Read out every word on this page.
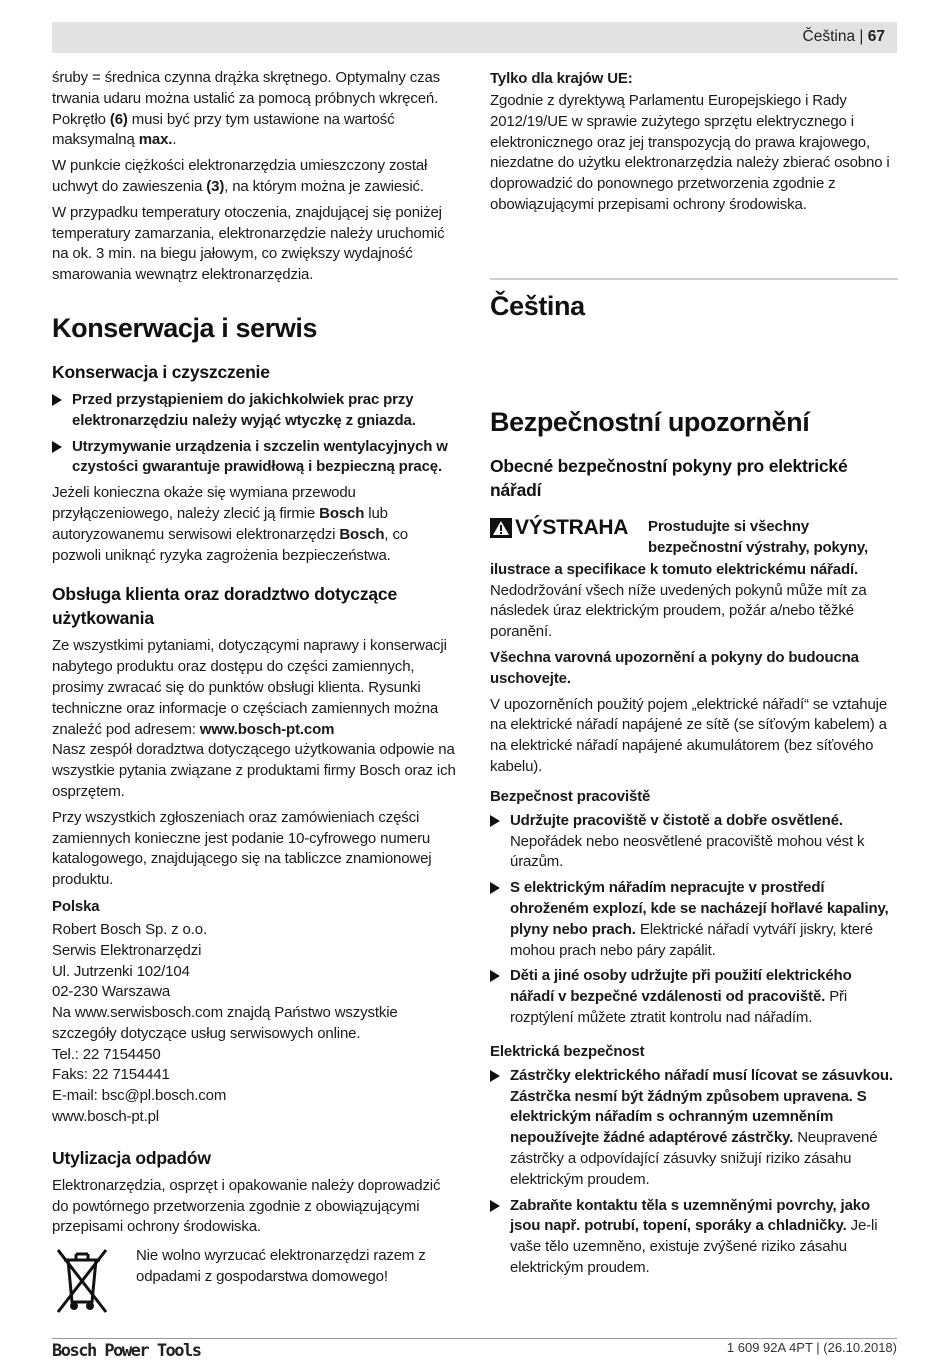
Čeština | 67

śruby = średnica czynna drążka skrętnego. Optymalny czas trwania udaru można ustalić za pomocą próbnych wkręceń. Pokrętło (6) musi być przy tym ustawione na wartość maksymalną max..

W punkcie ciężkości elektronarzędzia umieszczony został uchwyt do zawieszenia (3), na którym można je zawiesić.

W przypadku temperatury otoczenia, znajdującej się poniżej temperatury zamarzania, elektronarzędzie należy uruchomić na ok. 3 min. na biegu jałowym, co zwiększy wydajność smarowania wewnątrz elektronarzędzia.

Konserwacja i serwis
Konserwacja i czyszczenie
Przed przystąpieniem do jakichkolwiek prac przy elektronarzędziu należy wyjąć wtyczkę z gniazda.
Utrzymywanie urządzenia i szczelin wentylacyjnych w czystości gwarantuje prawidłową i bezpieczną pracę.

Jeżeli konieczna okaże się wymiana przewodu przyłączeniowego, należy zlecić ją firmie Bosch lub autoryzowanemu serwisowi elektronarzędzi Bosch, co pozwoli uniknąć ryzyka zagrożenia bezpieczeństwa.

Obsługa klienta oraz doradztwo dotyczące użytkowania

Ze wszystkimi pytaniami, dotyczącymi naprawy i konserwacji nabytego produktu oraz dostępu do części zamiennych, prosimy zwracać się do punktów obsługi klienta. Rysunki techniczne oraz informacje o częściach zamiennych można znaleźć pod adresem: www.bosch-pt.com

Nasz zespół doradztwa dotyczącego użytkowania odpowie na wszystkie pytania związane z produktami firmy Bosch oraz ich osprzętem.

Przy wszystkich zgłoszeniach oraz zamówieniach części zamiennych konieczne jest podanie 10-cyfrowego numeru katalogowego, znajdującego się na tabliczce znamionowej produktu.

Polska
Robert Bosch Sp. z o.o.
Serwis Elektronarzędzi
Ul. Jutrzenki 102/104
02-230 Warszawa
Na www.serwisbosch.com znajdą Państwo wszystkie szczegóły dotyczące usług serwisowych online.
Tel.: 22 7154450
Faks: 22 7154441
E-mail: bsc@pl.bosch.com
www.bosch-pt.pl
Utylizacja odpadów

Elektronarzędzia, osprzęt i opakowanie należy doprowadzić do powtórnego przetworzenia zgodnie z obowiązującymi przepisami ochrony środowiska.

Nie wolno wyrzucać elektronarzędzi razem z odpadami z gospodarstwa domowego!
Tylko dla krajów UE:

Zgodnie z dyrektywą Parlamentu Europejskiego i Rady 2012/19/UE w sprawie zużytego sprzętu elektrycznego i elektronicznego oraz jej transpozycją do prawa krajowego, niezdatne do użytku elektronarzędzia należy zbierać osobno i doprowadzić do ponownego przetworzenia zgodnie z obowiązującymi przepisami ochrony środowiska.

Čeština
Bezpečnostní upozornění
Obecné bezpečnostní pokyny pro elektrické nářadí
VÝSTRAHA Prostudujte si všechny bezpečnostní výstrahy, pokyny,

ilustrace a specifikace k tomuto elektrickému nářadí.

Nedodržování všech níže uvedených pokynů může mít za následek úraz elektrickým proudem, požár a/nebo těžké poranění.

Všechna varovná upozornění a pokyny do budoucna uschovejte.

V upozorněních použitý pojem „elektrické nářadí“ se vztahuje na elektrické nářadí napájené ze sítě (se síťovým kabelem) a na elektrické nářadí napájené akumulátorem (bez síťového kabelu).

Bezpečnost pracoviště
Udržujte pracoviště v čistotě a dobře osvětlené. Nepořádek nebo neosvětlené pracoviště mohou vést k úrazům.
S elektrickým nářadím nepracujte v prostředí ohroženém explozí, kde se nacházejí hořlavé kapaliny, plyny nebo prach. Elektrické nářadí vytváří jiskry, které mohou prach nebo páry zapálit.
Děti a jiné osoby udržujte při použití elektrického nářadí v bezpečné vzdálenosti od pracoviště. Při rozptýlení můžete ztratit kontrolu nad nářadím.
Elektrická bezpečnost
Zástrčky elektrického nářadí musí lícovat se zásuvkou. Zástrčka nesmí být žádným způsobem upravena. S elektrickým nářadím s ochranným uzemněním nepoužívejte žádné adaptérové zástrčky. Neupravené zástrčky a odpovídající zásuvky snižují riziko zásahu elektrickým proudem.
Zabraňte kontaktu těla s uzemněnými povrchy, jako jsou např. potrubí, topení, sporáky a chladničky. Je-li vaše tělo uzemněno, existuje zvýšené riziko zásahu elektrickým proudem.
Bosch Power Tools	1 609 92A 4PT | (26.10.2018)
